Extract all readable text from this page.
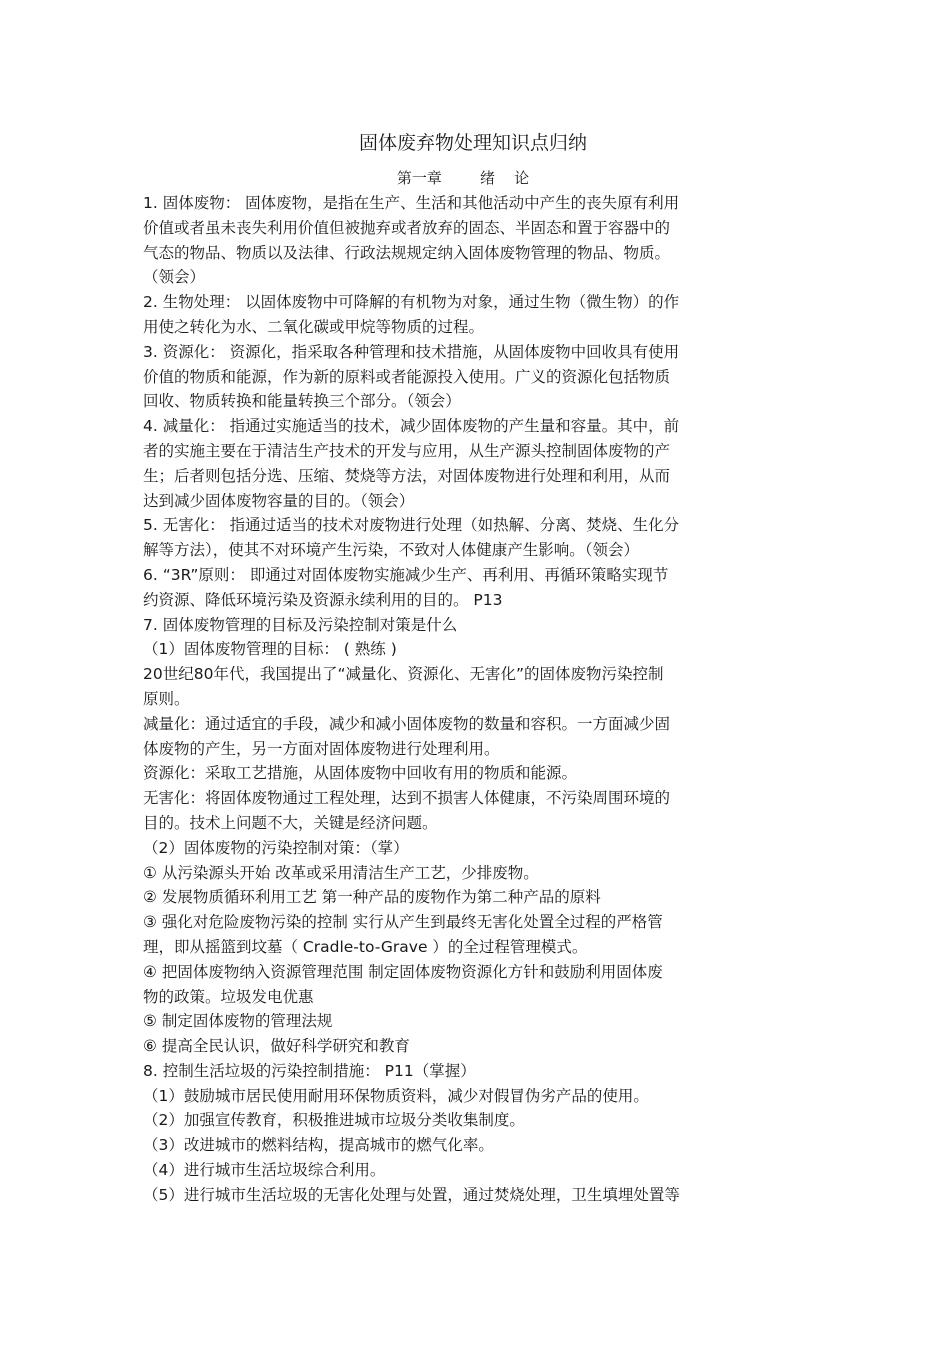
固体废弃物处理知识点归纳
第一章        绪    论

1. 固体废物： 固体废物，是指在生产、生活和其他活动中产生的丧失原有利用

价值或者虽未丧失利用价值但被抛弃或者放弃的固态、半固态和置于容器中的

气态的物品、物质以及法律、行政法规规定纳入固体废物管理的物品、物质。

（领会）

2. 生物处理： 以固体废物中可降解的有机物为对象，通过生物（微生物）的作

用使之转化为水、二氧化碳或甲烷等物质的过程。

3. 资源化： 资源化，指采取各种管理和技术措施，从固体废物中回收具有使用

价值的物质和能源，作为新的原料或者能源投入使用。广义的资源化包括物质

回收、物质转换和能量转换三个部分。（领会）

4. 减量化： 指通过实施适当的技术，减少固体废物的产生量和容量。其中，前

者的实施主要在于清洁生产技术的开发与应用，从生产源头控制固体废物的产

生；后者则包括分选、压缩、焚烧等方法，对固体废物进行处理和利用，从而

达到减少固体废物容量的目的。（领会）

5. 无害化： 指通过适当的技术对废物进行处理（如热解、分离、焚烧、生化分

解等方法），使其不对环境产生污染，不致对人体健康产生影响。（领会）

6. “3R”原则： 即通过对固体废物实施减少生产、再利用、再循环策略实现节

约资源、降低环境污染及资源永续利用的目的。 P13

7. 固体废物管理的目标及污染控制对策是什么

（1）固体废物管理的目标： ( 熟练 )

20世纪80年代，我国提出了“减量化、资源化、无害化”的固体废物污染控制

原则。

减量化：通过适宜的手段，减少和减小固体废物的数量和容积。一方面减少固

体废物的产生，另一方面对固体废物进行处理利用。

资源化：采取工艺措施，从固体废物中回收有用的物质和能源。

无害化：将固体废物通过工程处理，达到不损害人体健康，不污染周围环境的

目的。技术上问题不大，关键是经济问题。

（2）固体废物的污染控制对策：（掌）

① 从污染源头开始 改革或采用清洁生产工艺，少排废物。

② 发展物质循环利用工艺 第一种产品的废物作为第二种产品的原料

③ 强化对危险废物污染的控制 实行从产生到最终无害化处置全过程的严格管

理，即从摇篮到坟墓（ Cradle-to-Grave ）的全过程管理模式。

④ 把固体废物纳入资源管理范围 制定固体废物资源化方针和鼓励利用固体废

物的政策。垃圾发电优惠

⑤ 制定固体废物的管理法规

⑥ 提高全民认识，做好科学研究和教育

8. 控制生活垃圾的污染控制措施： P11（掌握）

（1）鼓励城市居民使用耐用环保物质资料，减少对假冒伪劣产品的使用。

（2）加强宣传教育，积极推进城市垃圾分类收集制度。

（3）改进城市的燃料结构，提高城市的燃气化率。

（4）进行城市生活垃圾综合利用。

（5）进行城市生活垃圾的无害化处理与处置，通过焚烧处理，卫生填埋处置等
